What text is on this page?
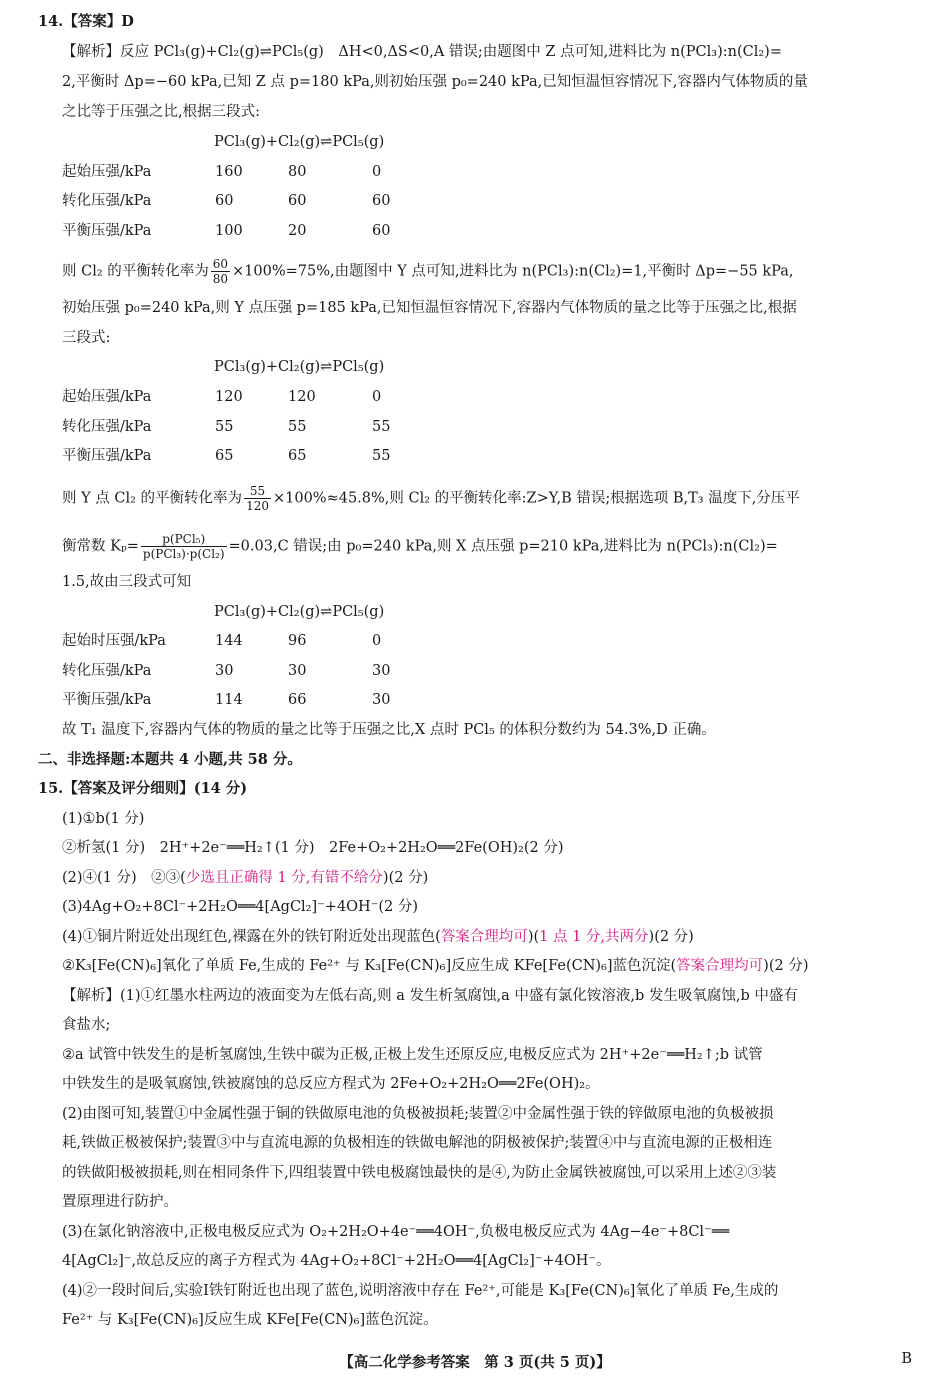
14.【答案】D
【解析】反应 PCl₃(g)+Cl₂(g)⇌PCl₅(g)　ΔH<0,ΔS<0,A 错误;由题图中 Z 点可知,进料比为 n(PCl₃):n(Cl₂)=
2,平衡时 Δp=−60 kPa,已知 Z 点 p=180 kPa,则初始压强 p₀=240 kPa,已知恒温恒容情况下,容器内气体物质的量
之比等于压强之比,根据三段式:
PCl₃(g)+Cl₂(g)⇌PCl₅(g)
起始压强/kPa	160	80	0
转化压强/kPa	60	60	60
平衡压强/kPa	100	20	60
则 Cl₂ 的平衡转化率为 $\frac{60}{80} \times 100\%=75\%$,由题图中 Y 点可知,进料比为 n(PCl₃):n(Cl₂)=1,平衡时 Δp=−55 kPa,
初始压强 p₀=240 kPa,则 Y 点压强 p=185 kPa,已知恒温恒容情况下,容器内气体物质的量之比等于压强之比,根据
三段式:
PCl₃(g)+Cl₂(g)⇌PCl₅(g)
起始压强/kPa	120	120	0
转化压强/kPa	55	55	55
平衡压强/kPa	65	65	55
则 Y 点 Cl₂ 的平衡转化率为 $\frac{55}{120} \times 100\%\approx 45.8\%$,则 Cl₂ 的平衡转化率:Z>Y,B 错误;根据选项 B,T₃ 温度下,分压平
衡常数 $K_p= \frac{\text{p(PCl₅)}}{\text{p(PCl₃)·p(Cl₂)}} =0.03,C$ 错误;由 p₀=240 kPa,则 X 点压强 p=210 kPa,进料比为 n(PCl₃):n(Cl₂)=
1.5,故由三段式可知
PCl₃(g)+Cl₂(g)⇌PCl₅(g)
起始时压强/kPa	144	96	0
转化压强/kPa	30	30	30
平衡压强/kPa	114	66	30
故 T₁ 温度下,容器内气体的物质的量之比等于压强之比,X 点时 PCl₅ 的体积分数约为 54.3%,D 正确。
二、非选择题:本题共 4 小题,共 58 分。
15.【答案及评分细则】(14 分)
(1)①b(1 分)
②析氢(1 分)　2H⁺+2e⁻══H₂↑(1 分)　2Fe+O₂+2H₂O══2Fe(OH)₂(2 分)
(2)④(1 分)　②③(少选且正确得 1 分,有错不给分)(2 分)
(3)4Ag+O₂+8Cl⁻+2H₂O══4[AgCl₂]⁻+4OH⁻(2 分)
(4)①铜片附近处出现红色,裸露在外的铁钉附近处出现蓝色(答案合理均可)(1 点 1 分,共两分)(2 分)
②K₃[Fe(CN)₆]氧化了单质 Fe,生成的 Fe²⁺ 与 K₃[Fe(CN)₆]反应生成 KFe[Fe(CN)₆]蓝色沉淀(答案合理均可)(2 分)
【解析】(1)①红墨水柱两边的液面变为左低右高,则 a 发生析氢腐蚀,a 中盛有氯化铵溶液,b 发生吸氧腐蚀,b 中盛有
食盐水;
②a 试管中铁发生的是析氢腐蚀,生铁中碳为正极,正极上发生还原反应,电极反应式为 2H⁺+2e⁻══H₂↑;b 试管
中铁发生的是吸氧腐蚀,铁被腐蚀的总反应方程式为 2Fe+O₂+2H₂O══2Fe(OH)₂。
(2)由图可知,装置①中金属性强于铜的铁做原电池的负极被损耗;装置②中金属性强于铁的锌做原电池的负极被损
耗,铁做正极被保护;装置③中与直流电源的负极相连的铁做电解池的阴极被保护;装置④中与直流电源的正极相连
的铁做阳极被损耗,则在相同条件下,四组装置中铁电极腐蚀最快的是④,为防止金属铁被腐蚀,可以采用上述②③装
置原理进行防护。
(3)在氯化钠溶液中,正极电极反应式为 O₂+2H₂O+4e⁻══4OH⁻,负极电极反应式为 4Ag−4e⁻+8Cl⁻══
4[AgCl₂]⁻,故总反应的离子方程式为 4Ag+O₂+8Cl⁻+2H₂O══4[AgCl₂]⁻+4OH⁻。
(4)②一段时间后,实验Ⅰ铁钉附近也出现了蓝色,说明溶液中存在 Fe²⁺,可能是 K₃[Fe(CN)₆]氧化了单质 Fe,生成的
Fe²⁺ 与 K₃[Fe(CN)₆]反应生成 KFe[Fe(CN)₆]蓝色沉淀。
【高二化学参考答案　第 3 页(共 5 页)】	B
